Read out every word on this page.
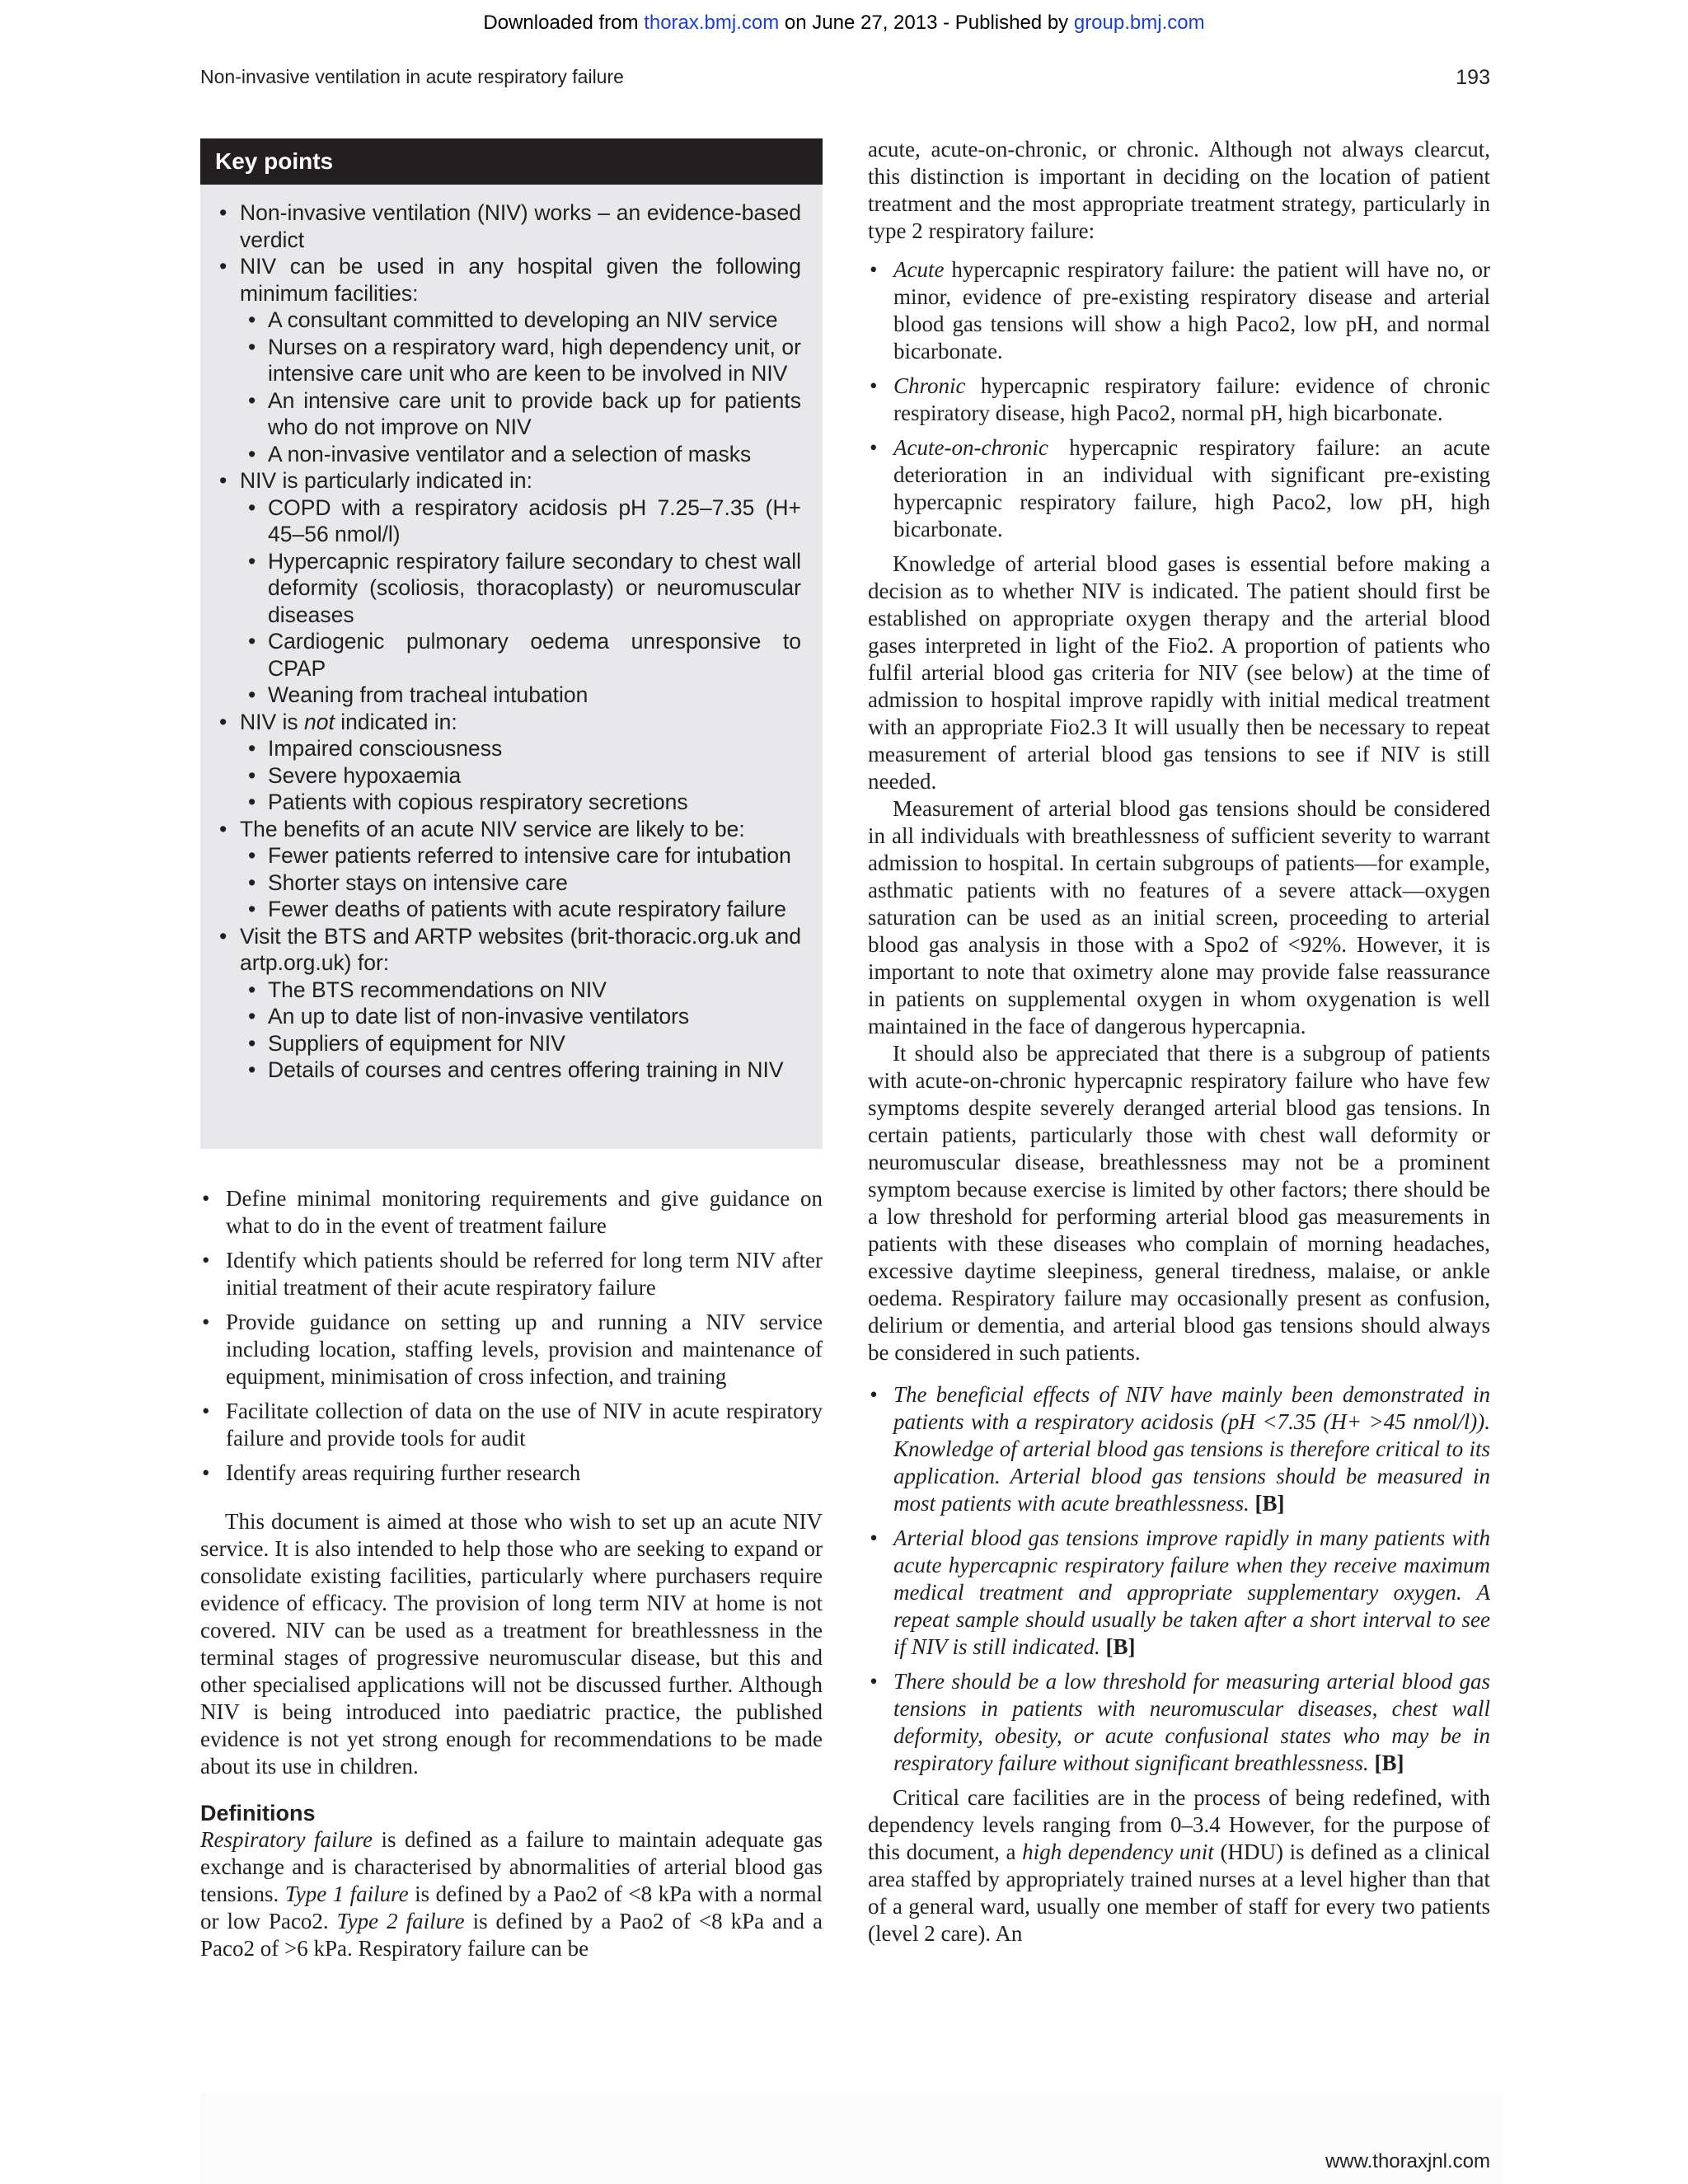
Downloaded from thorax.bmj.com on June 27, 2013 - Published by group.bmj.com
Non-invasive ventilation in acute respiratory failure	193
Key points
• Non-invasive ventilation (NIV) works – an evidence-based verdict
• NIV can be used in any hospital given the following minimum facilities:
• A consultant committed to developing an NIV service
• Nurses on a respiratory ward, high dependency unit, or intensive care unit who are keen to be involved in NIV
• An intensive care unit to provide back up for patients who do not improve on NIV
• A non-invasive ventilator and a selection of masks
• NIV is particularly indicated in:
• COPD with a respiratory acidosis pH 7.25–7.35 (H+ 45–56 nmol/l)
• Hypercapnic respiratory failure secondary to chest wall deformity (scoliosis, thoracoplasty) or neuromuscular diseases
• Cardiogenic pulmonary oedema unresponsive to CPAP
• Weaning from tracheal intubation
• NIV is not indicated in:
• Impaired consciousness
• Severe hypoxaemia
• Patients with copious respiratory secretions
• The benefits of an acute NIV service are likely to be:
• Fewer patients referred to intensive care for intubation
• Shorter stays on intensive care
• Fewer deaths of patients with acute respiratory failure
• Visit the BTS and ARTP websites (brit-thoracic.org.uk and artp.org.uk) for:
• The BTS recommendations on NIV
• An up to date list of non-invasive ventilators
• Suppliers of equipment for NIV
• Details of courses and centres offering training in NIV
• Define minimal monitoring requirements and give guidance on what to do in the event of treatment failure
• Identify which patients should be referred for long term NIV after initial treatment of their acute respiratory failure
• Provide guidance on setting up and running a NIV service including location, staffing levels, provision and maintenance of equipment, minimisation of cross infection, and training
• Facilitate collection of data on the use of NIV in acute respiratory failure and provide tools for audit
• Identify areas requiring further research

This document is aimed at those who wish to set up an acute NIV service. It is also intended to help those who are seeking to expand or consolidate existing facilities, particularly where purchasers require evidence of efficacy. The provision of long term NIV at home is not covered. NIV can be used as a treatment for breathlessness in the terminal stages of progressive neuromuscular disease, but this and other specialised applications will not be discussed further. Although NIV is being introduced into paediatric practice, the published evidence is not yet strong enough for recommendations to be made about its use in children.

Definitions

Respiratory failure is defined as a failure to maintain adequate gas exchange and is characterised by abnormalities of arterial blood gas tensions. Type 1 failure is defined by a Pao2 of <8 kPa with a normal or low Paco2. Type 2 failure is defined by a Pao2 of <8 kPa and a Paco2 of >6 kPa. Respiratory failure can be

acute, acute-on-chronic, or chronic. Although not always clearcut, this distinction is important in deciding on the location of patient treatment and the most appropriate treatment strategy, particularly in type 2 respiratory failure:

• Acute hypercapnic respiratory failure: the patient will have no, or minor, evidence of pre-existing respiratory disease and arterial blood gas tensions will show a high Paco2, low pH, and normal bicarbonate.
• Chronic hypercapnic respiratory failure: evidence of chronic respiratory disease, high Paco2, normal pH, high bicarbonate.
• Acute-on-chronic hypercapnic respiratory failure: an acute deterioration in an individual with significant pre-existing hypercapnic respiratory failure, high Paco2, low pH, high bicarbonate.

Knowledge of arterial blood gases is essential before making a decision as to whether NIV is indicated. The patient should first be established on appropriate oxygen therapy and the arterial blood gases interpreted in light of the Fio2. A proportion of patients who fulfil arterial blood gas criteria for NIV (see below) at the time of admission to hospital improve rapidly with initial medical treatment with an appropriate Fio2.3 It will usually then be necessary to repeat measurement of arterial blood gas tensions to see if NIV is still needed.

Measurement of arterial blood gas tensions should be considered in all individuals with breathlessness of sufficient severity to warrant admission to hospital. In certain subgroups of patients—for example, asthmatic patients with no features of a severe attack—oxygen saturation can be used as an initial screen, proceeding to arterial blood gas analysis in those with a Spo2 of <92%. However, it is important to note that oximetry alone may provide false reassurance in patients on supplemental oxygen in whom oxygenation is well maintained in the face of dangerous hypercapnia.

It should also be appreciated that there is a subgroup of patients with acute-on-chronic hypercapnic respiratory failure who have few symptoms despite severely deranged arterial blood gas tensions. In certain patients, particularly those with chest wall deformity or neuromuscular disease, breathlessness may not be a prominent symptom because exercise is limited by other factors; there should be a low threshold for performing arterial blood gas measurements in patients with these diseases who complain of morning headaches, excessive daytime sleepiness, general tiredness, malaise, or ankle oedema. Respiratory failure may occasionally present as confusion, delirium or dementia, and arterial blood gas tensions should always be considered in such patients.

• The beneficial effects of NIV have mainly been demonstrated in patients with a respiratory acidosis (pH <7.35 (H+ >45 nmol/l)). Knowledge of arterial blood gas tensions is therefore critical to its application. Arterial blood gas tensions should be measured in most patients with acute breathlessness. [B]
• Arterial blood gas tensions improve rapidly in many patients with acute hypercapnic respiratory failure when they receive maximum medical treatment and appropriate supplementary oxygen. A repeat sample should usually be taken after a short interval to see if NIV is still indicated. [B]
• There should be a low threshold for measuring arterial blood gas tensions in patients with neuromuscular diseases, chest wall deformity, obesity, or acute confusional states who may be in respiratory failure without significant breathlessness. [B]

Critical care facilities are in the process of being redefined, with dependency levels ranging from 0–3.4 However, for the purpose of this document, a high dependency unit (HDU) is defined as a clinical area staffed by appropriately trained nurses at a level higher than that of a general ward, usually one member of staff for every two patients (level 2 care). An

www.thoraxjnl.com
